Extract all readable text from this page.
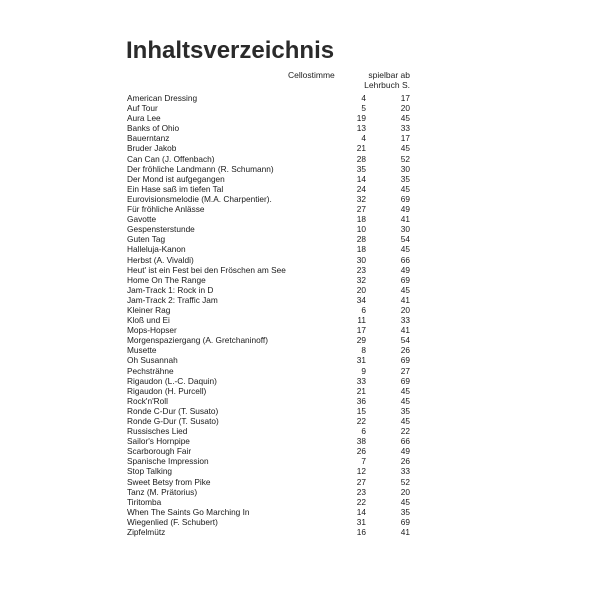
Inhaltsverzeichnis
Cellostimme	spielbar ab
Lehrbuch S.
American Dressing	4	17
Auf Tour	5	20
Aura Lee	19	45
Banks of Ohio	13	33
Bauerntanz	4	17
Bruder Jakob	21	45
Can Can (J. Offenbach)	28	52
Der fröhliche Landmann (R. Schumann)	35	30
Der Mond ist aufgegangen	14	35
Ein Hase saß im tiefen Tal	24	45
Eurovisionsmelodie (M.A. Charpentier).	32	69
Für fröhliche Anlässe	27	49
Gavotte	18	41
Gespensterstunde	10	30
Guten Tag	28	54
Halleluja-Kanon	18	45
Herbst (A. Vivaldi)	30	66
Heut' ist ein Fest bei den Fröschen am See	23	49
Home On The Range	32	69
Jam-Track 1: Rock in D	20	45
Jam-Track 2: Traffic Jam	34	41
Kleiner Rag	6	20
Kloß und Ei	11	33
Mops-Hopser	17	41
Morgenspaziergang (A. Gretchaninoff)	29	54
Musette	8	26
Oh Susannah	31	69
Pechsträhne	9	27
Rigaudon (L.-C. Daquin)	33	69
Rigaudon (H. Purcell)	21	45
Rock'n'Roll	36	45
Ronde C-Dur (T. Susato)	15	35
Ronde G-Dur (T. Susato)	22	45
Russisches Lied	6	22
Sailor's Hornpipe	38	66
Scarborough Fair	26	49
Spanische Impression	7	26
Stop Talking	12	33
Sweet Betsy from Pike	27	52
Tanz (M. Prätorius)	23	20
Tiritomba	22	45
When The Saints Go Marching In	14	35
Wiegenlied (F. Schubert)	31	69
Zipfelmütz	16	41
